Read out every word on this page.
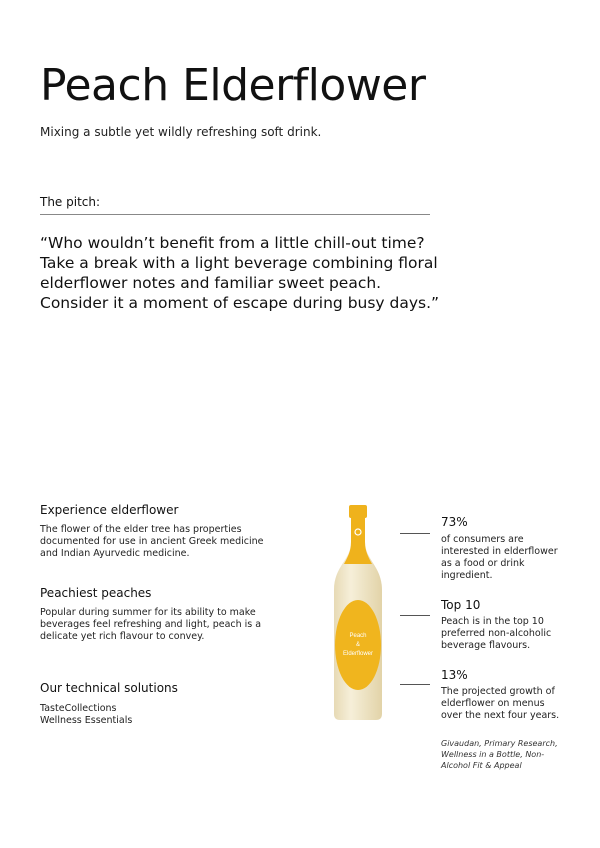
Peach Elderflower

Mixing a subtle yet wildly refreshing soft drink.

The pitch:

“Who wouldn’t benefit from a little chill-out time? Take a break with a light beverage combining floral elderflower notes and familiar sweet peach. Consider it a moment of escape during busy days.”

Experience elderflower

The flower of the elder tree has properties documented for use in ancient Greek medicine and Indian Ayurvedic medicine.

Peachiest peaches

Popular during summer for its ability to make beverages feel refreshing and light, peach is a delicate yet rich flavour to convey.

Our technical solutions

TasteCollections
Wellness Essentials
Peach
&
Elderflower

73%

of consumers are interested in elderflower as a food or drink ingredient.

Top 10

Peach is in the top 10 preferred non-alcoholic beverage flavours.

13%

The projected growth of elderflower on menus over the next four years.

Givaudan, Primary Research, Wellness in a Bottle, Non-Alcohol Fit & Appeal
